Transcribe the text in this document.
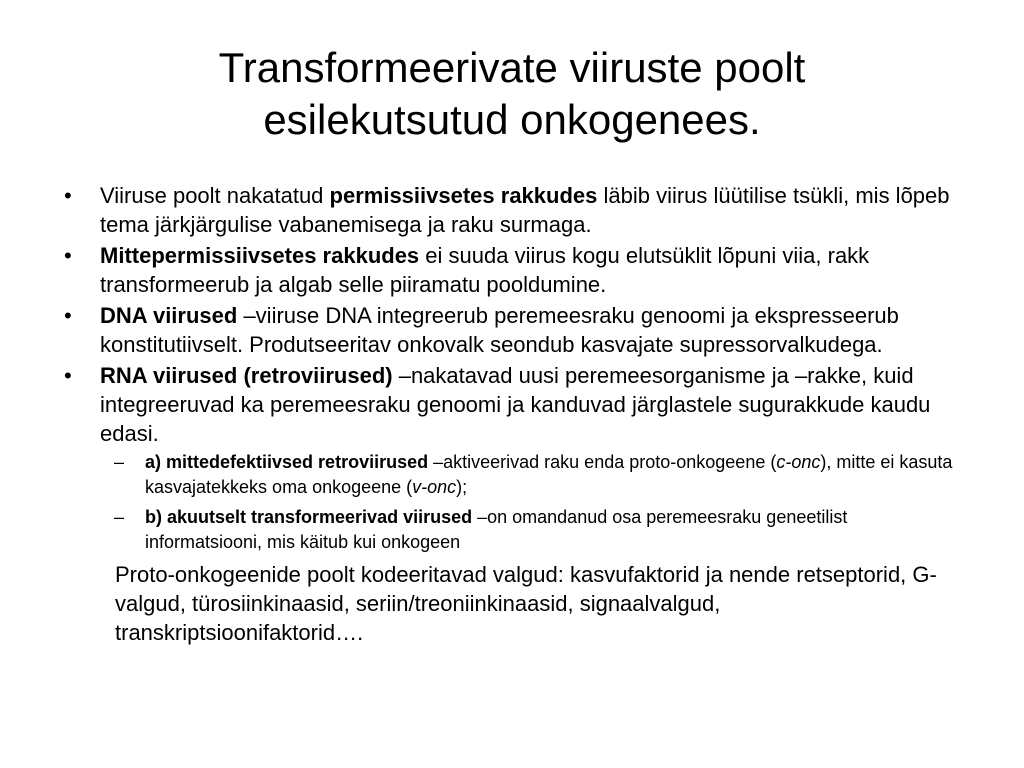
Transformeerivate viiruste poolt
esilekutsutud onkogenees.
• Viiruse poolt nakatatud permissiivsetes rakkudes läbib viirus lüütilise tsükli, mis lõpeb tema järkjärgulise vabanemisega ja raku surmaga.
• Mittepermissiivsetes rakkudes ei suuda viirus kogu elutsüklit lõpuni viia, rakk transformeerub ja algab selle piiramatu pooldumine.
• DNA viirused –viiruse DNA integreerub peremeesraku genoomi ja ekspresseerub konstitutiivselt. Produtseeritav onkovalk seondub kasvajate supressorvalkudega.
• RNA viirused (retroviirused) –nakatavad uusi peremeesorganisme ja –rakke, kuid integreeruvad ka peremeesraku genoomi ja kanduvad järglastele sugurakkude kaudu edasi.
– a) mittedefektiivsed retroviirused –aktiveerivad raku enda proto-onkogeene (c-onc), mitte ei kasuta kasvajatekkeks oma onkogeene (v-onc);
– b) akuutselt transformeerivad viirused –on omandanud osa peremeesraku geneetilist informatsiooni, mis käitub kui onkogeen
Proto-onkogeenide poolt kodeeritavad valgud: kasvufaktorid ja nende retseptorid, G-valgud, türosiinkinaasid, seriin/treoniinkinaasid, signaalvalgud, transkriptsioonifaktorid….
